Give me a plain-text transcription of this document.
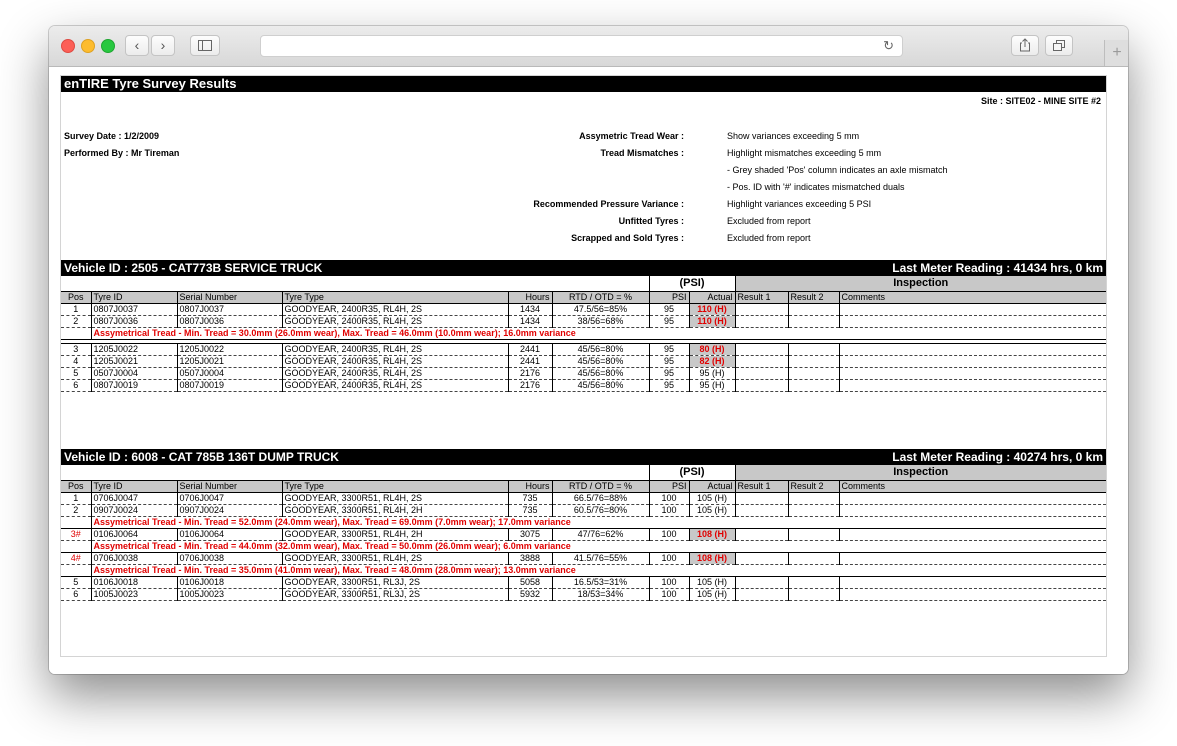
‹	›	↻	+
enTIRE Tyre Survey Results
Site : SITE02 - MINE SITE #2
Survey Date : 1/2/2009
Performed By : Mr Tireman
Assymetric Tread Wear :	Show variances exceeding 5 mm
Tread Mismatches :	Highlight mismatches exceeding 5 mm
- Grey shaded 'Pos' column indicates an axle mismatch
- Pos. ID with '#' indicates mismatched duals
Recommended Pressure Variance :	Highlight variances exceeding 5 PSI
Unfitted Tyres :	Excluded from report
Scrapped and Sold Tyres :	Excluded from report
Vehicle ID : 2505 - CAT773B SERVICE TRUCK	Last Meter Reading : 41434 hrs, 0 km
						(PSI)		Inspection		
Pos	Tyre ID	Serial Number	Tyre Type	Hours	RTD / OTD = %	PSI	Actual	Result 1	Result 2	Comments
1	0807J0037	0807J0037	GOODYEAR, 2400R35, RL4H, 2S	1434	47.5/56=85%	95	110 (H)			
2	0807J0036	0807J0036	GOODYEAR, 2400R35, RL4H, 2S	1434	38/56=68%	95	110 (H)			
	Assymetrical Tread - Min. Tread = 30.0mm (26.0mm wear), Max. Tread = 46.0mm (10.0mm wear); 16.0mm variance									

3	1205J0022	1205J0022	GOODYEAR, 2400R35, RL4H, 2S	2441	45/56=80%	95	80 (H)			
4	1205J0021	1205J0021	GOODYEAR, 2400R35, RL4H, 2S	2441	45/56=80%	95	82 (H)			
5	0507J0004	0507J0004	GOODYEAR, 2400R35, RL4H, 2S	2176	45/56=80%	95	95 (H)			
6	0807J0019	0807J0019	GOODYEAR, 2400R35, RL4H, 2S	2176	45/56=80%	95	95 (H)			
Vehicle ID : 6008 - CAT 785B 136T DUMP TRUCK	Last Meter Reading : 40274 hrs, 0 km
						(PSI)		Inspection		
Pos	Tyre ID	Serial Number	Tyre Type	Hours	RTD / OTD = %	PSI	Actual	Result 1	Result 2	Comments
1	0706J0047	0706J0047	GOODYEAR, 3300R51, RL4H, 2S	735	66.5/76=88%	100	105 (H)			
2	0907J0024	0907J0024	GOODYEAR, 3300R51, RL4H, 2H	735	60.5/76=80%	100	105 (H)			
	Assymetrical Tread - Min. Tread = 52.0mm (24.0mm wear), Max. Tread = 69.0mm (7.0mm wear); 17.0mm variance									
3#	0106J0064	0106J0064	GOODYEAR, 3300R51, RL4H, 2H	3075	47/76=62%	100	108 (H)			
	Assymetrical Tread - Min. Tread = 44.0mm (32.0mm wear), Max. Tread = 50.0mm (26.0mm wear); 6.0mm variance									
4#	0706J0038	0706J0038	GOODYEAR, 3300R51, RL4H, 2S	3888	41.5/76=55%	100	108 (H)			
	Assymetrical Tread - Min. Tread = 35.0mm (41.0mm wear), Max. Tread = 48.0mm (28.0mm wear); 13.0mm variance									
5	0106J0018	0106J0018	GOODYEAR, 3300R51, RL3J, 2S	5058	16.5/53=31%	100	105 (H)			
6	1005J0023	1005J0023	GOODYEAR, 3300R51, RL3J, 2S	5932	18/53=34%	100	105 (H)			
